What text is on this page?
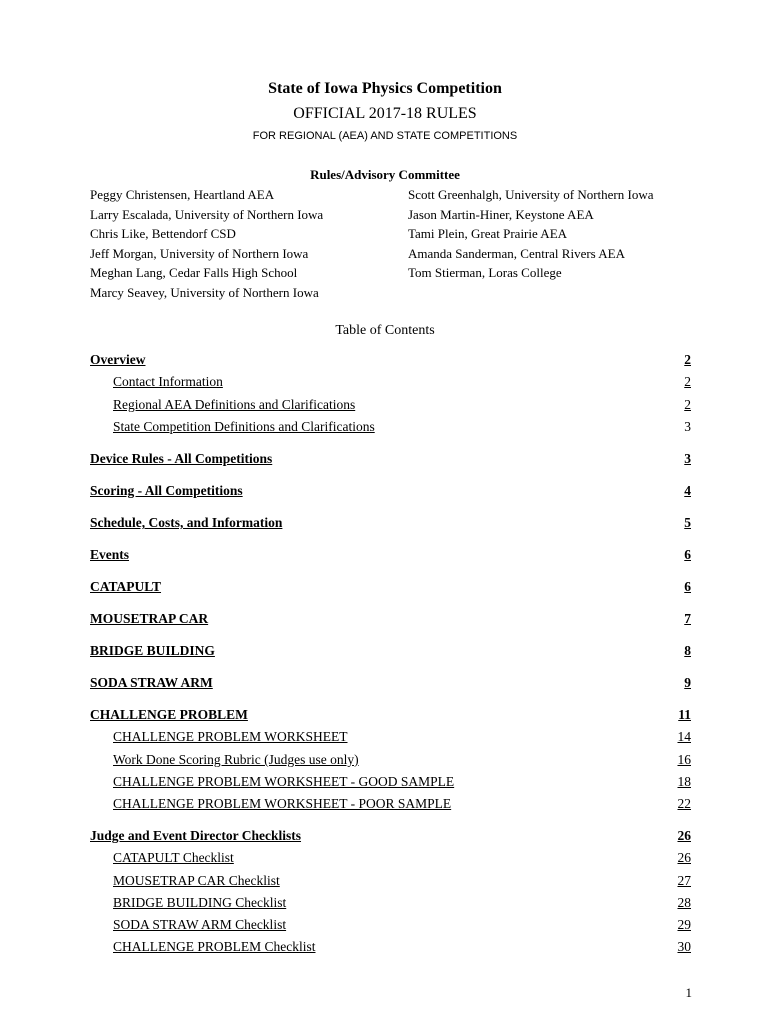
State of Iowa Physics Competition
OFFICIAL 2017-18 RULES
FOR REGIONAL (AEA) AND STATE COMPETITIONS
Rules/Advisory Committee
Peggy Christensen, Heartland AEA
Larry Escalada, University of Northern Iowa
Chris Like, Bettendorf CSD
Jeff Morgan, University of Northern Iowa
Meghan Lang, Cedar Falls High School
Marcy Seavey, University of Northern Iowa
Scott Greenhalgh, University of Northern Iowa
Jason Martin-Hiner, Keystone AEA
Tami Plein, Great Prairie AEA
Amanda Sanderman, Central Rivers AEA
Tom Stierman, Loras College
Table of Contents
Overview	2
Contact Information	2
Regional AEA Definitions and Clarifications	2
State Competition Definitions and Clarifications	3
Device Rules - All Competitions	3
Scoring - All Competitions	4
Schedule, Costs, and Information	5
Events	6
CATAPULT	6
MOUSETRAP CAR	7
BRIDGE BUILDING	8
SODA STRAW ARM	9
CHALLENGE PROBLEM	11
CHALLENGE PROBLEM WORKSHEET	14
Work Done Scoring Rubric (Judges use only)	16
CHALLENGE PROBLEM WORKSHEET - GOOD SAMPLE	18
CHALLENGE PROBLEM WORKSHEET - POOR SAMPLE	22
Judge and Event Director Checklists	26
CATAPULT Checklist	26
MOUSETRAP CAR Checklist	27
BRIDGE BUILDING Checklist	28
SODA STRAW ARM Checklist	29
CHALLENGE PROBLEM Checklist	30
1
